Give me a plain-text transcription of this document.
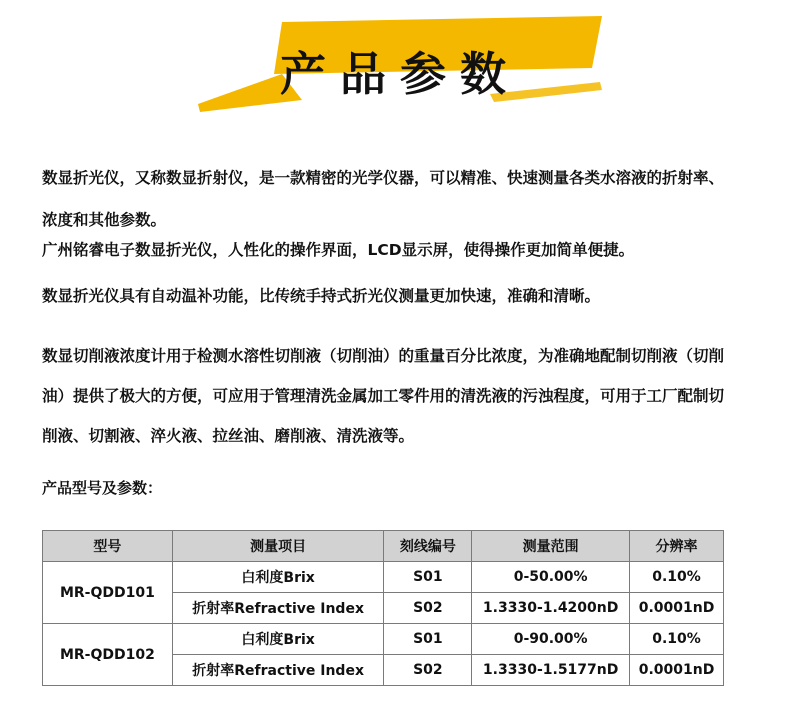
产品参数
数显折光仪，又称数显折射仪，是一款精密的光学仪器，可以精准、快速测量各类水溶液的折射率、
浓度和其他参数。
广州铭睿电子数显折光仪，人性化的操作界面，LCD显示屏，使得操作更加简单便捷。
数显折光仪具有自动温补功能，比传统手持式折光仪测量更加快速，准确和清晰。
数显切削液浓度计用于检测水溶性切削液（切削油）的重量百分比浓度，为准确地配制切削液（切削
油）提供了极大的方便，可应用于管理清洗金属加工零件用的清洗液的污浊程度，可用于工厂配制切
削液、切割液、淬火液、拉丝油、磨削液、清洗液等。
产品型号及参数：
型号	测量项目	刻线编号	测量范围	分辨率
MR-QDD101	白利度Brix	S01	0-50.00%	0.10%
	折射率Refractive Index	S02	1.3330-1.4200nD	0.0001nD
MR-QDD102	白利度Brix	S01	0-90.00%	0.10%
	折射率Refractive Index	S02	1.3330-1.5177nD	0.0001nD
